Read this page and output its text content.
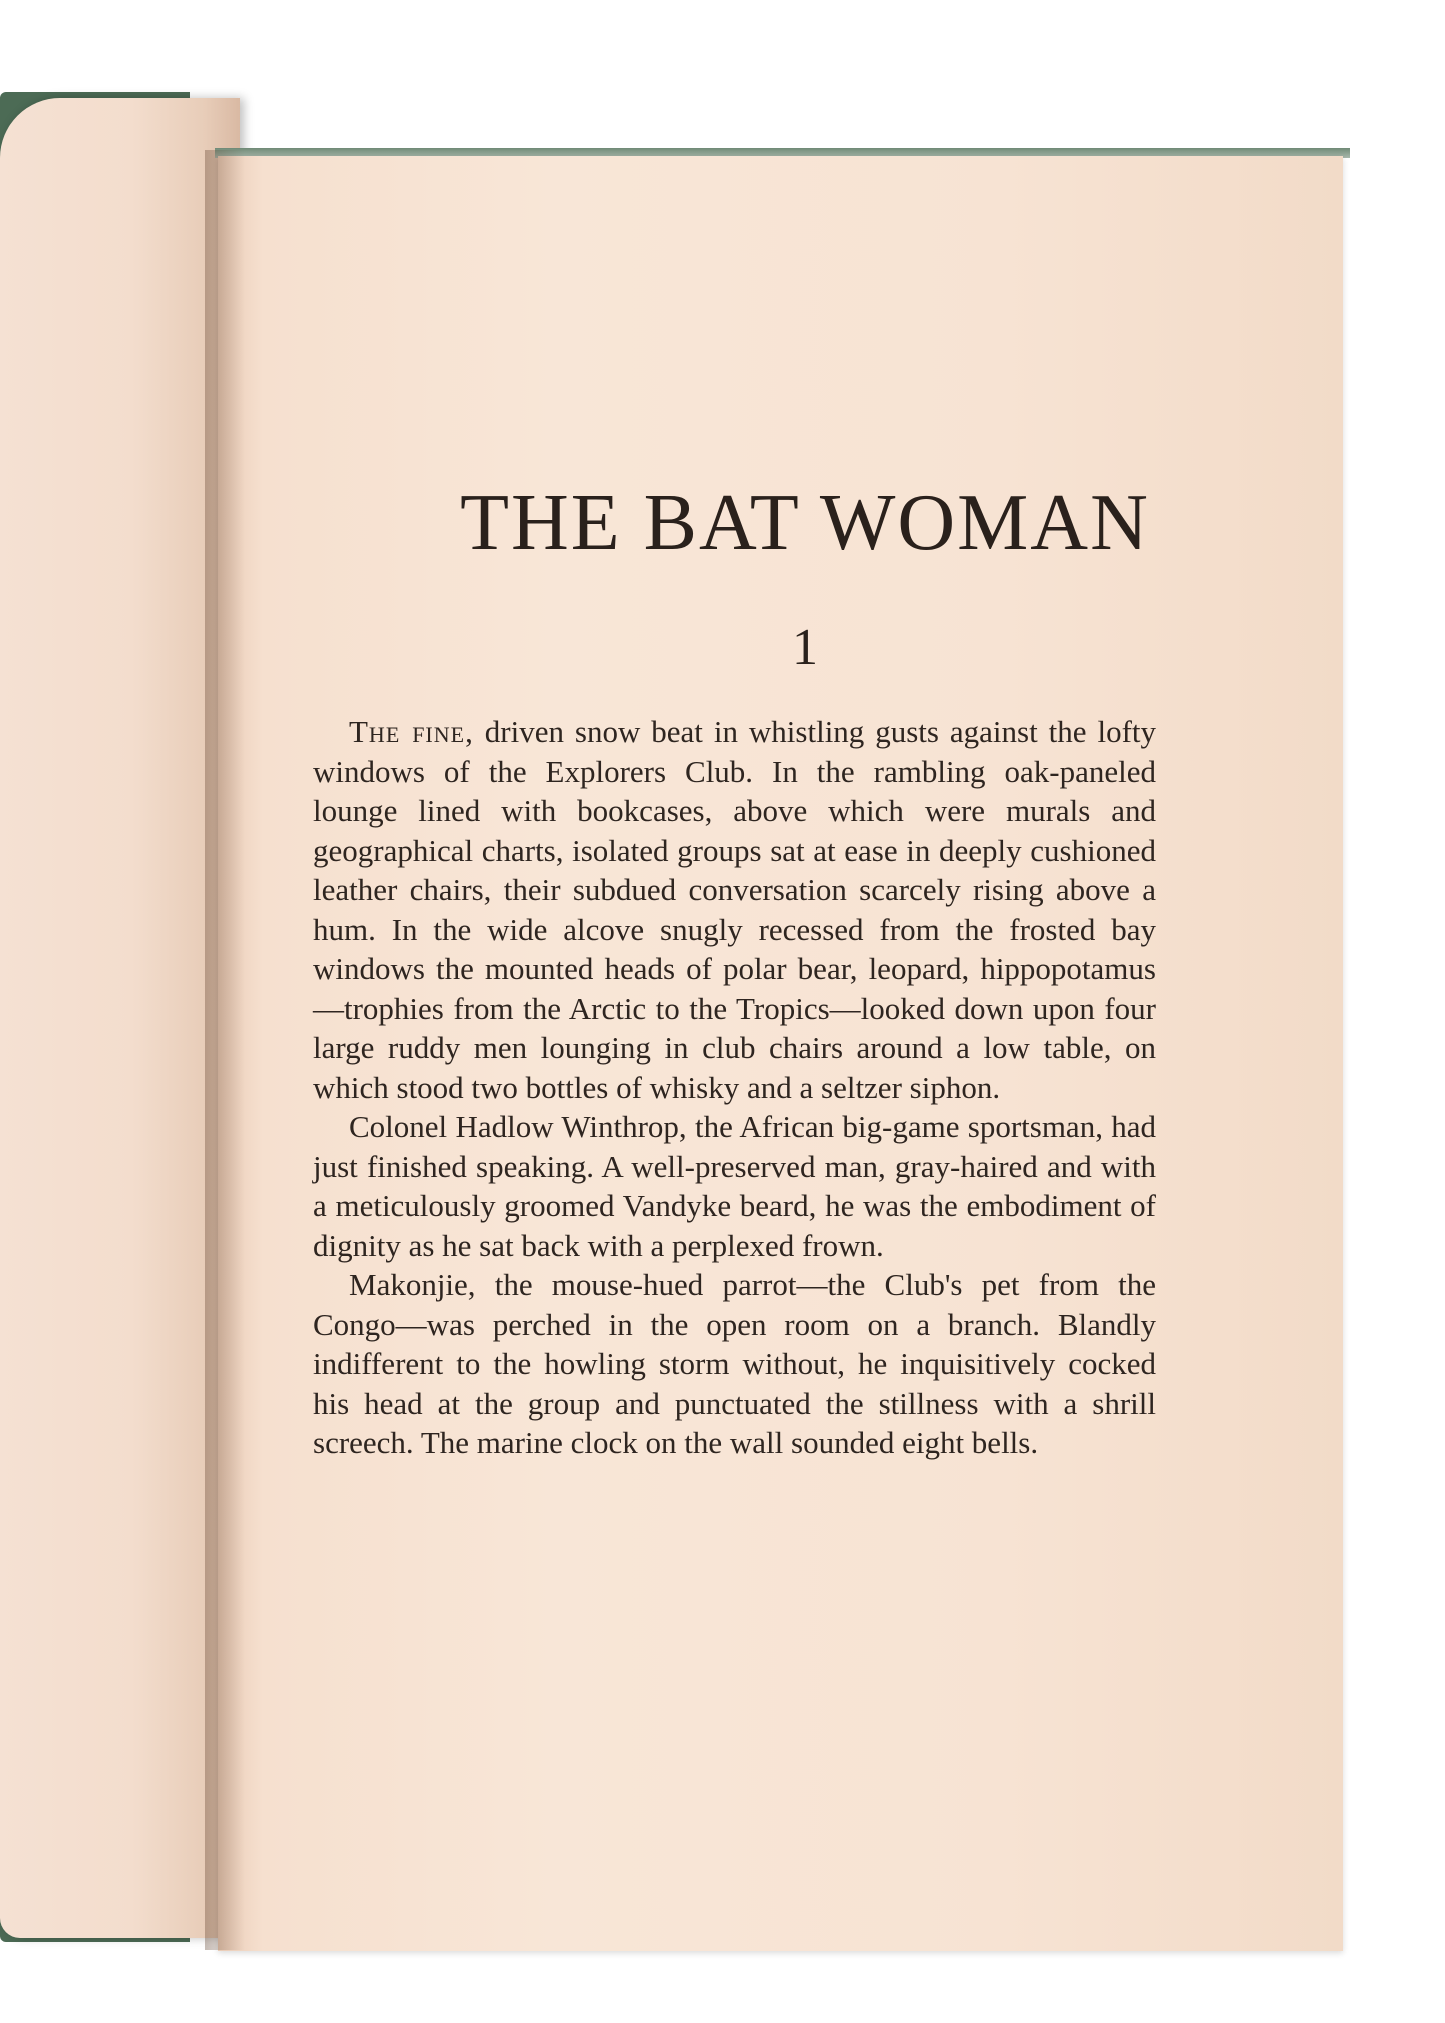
THE BAT WOMAN
1

The fine, driven snow beat in whistling gusts against the lofty windows of the Explorers Club. In the rambling oak-paneled lounge lined with bookcases, above which were murals and geographical charts, isolated groups sat at ease in deeply cushioned leather chairs, their subdued conversation scarcely rising above a hum. In the wide alcove snugly recessed from the frosted bay windows the mounted heads of polar bear, leopard, hippopotamus—trophies from the Arctic to the Tropics—looked down upon four large ruddy men lounging in club chairs around a low table, on which stood two bottles of whisky and a seltzer siphon.

Colonel Hadlow Winthrop, the African big-game sportsman, had just finished speaking. A well-preserved man, gray-haired and with a meticulously groomed Vandyke beard, he was the embodiment of dignity as he sat back with a perplexed frown.

Makonjie, the mouse-hued parrot—the Club's pet from the Congo—was perched in the open room on a branch. Blandly indifferent to the howling storm without, he inquisitively cocked his head at the group and punctuated the stillness with a shrill screech. The marine clock on the wall sounded eight bells.
